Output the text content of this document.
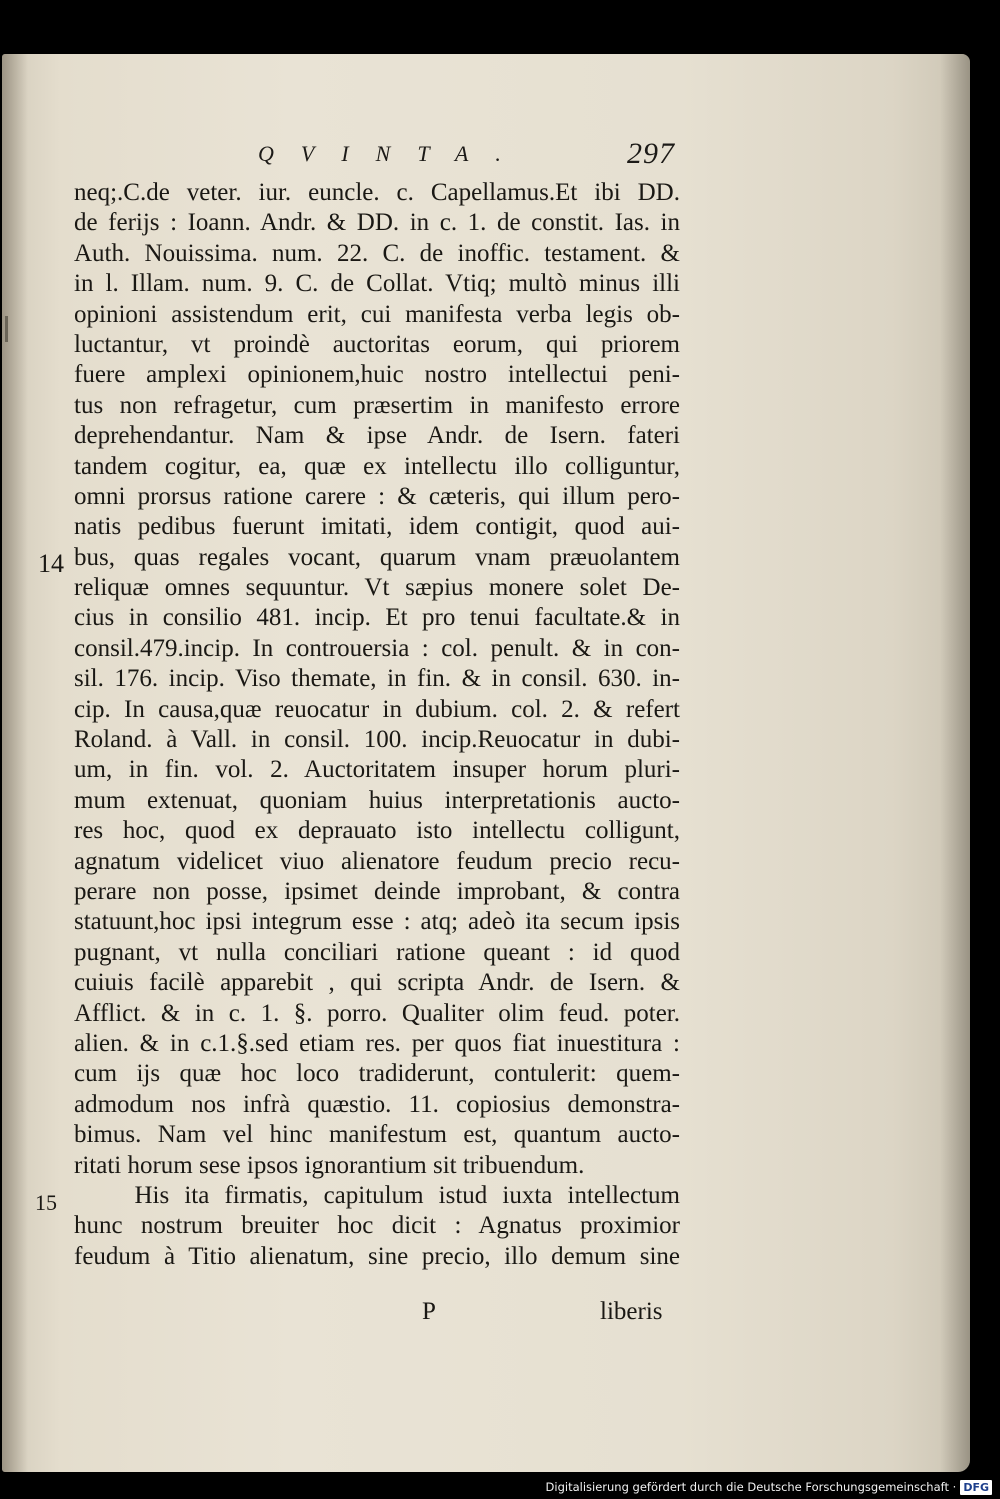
QVINTA.	297
neq;.C.de veter. iur. euncle. c. Capellamus.Et ibi DD.
de ferijs : Ioann. Andr. & DD. in c. 1. de constit. Ias. in
Auth. Nouissima. num. 22. C. de inoffic. testament. &
in l. Illam. num. 9. C. de Collat. Vtiq; multò minus illi
opinioni assistendum erit, cui manifesta verba legis ob-
luctantur, vt proindè auctoritas eorum, qui priorem
fuere amplexi opinionem,huic nostro intellectui peni-
tus non refragetur, cum præsertim in manifesto errore
deprehendantur. Nam & ipse Andr. de Isern. fateri
tandem cogitur, ea, quæ ex intellectu illo colliguntur,
omni prorsus ratione carere : & cæteris, qui illum pero-
natis pedibus fuerunt imitati, idem contigit, quod aui-
bus, quas regales vocant, quarum vnam præuolantem
reliquæ omnes sequuntur. Vt sæpius monere solet De-
cius in consilio 481. incip. Et pro tenui facultate.& in
consil.479.incip. In controuersia : col. penult. & in con-
sil. 176. incip. Viso themate, in fin. & in consil. 630. in-
cip. In causa,quæ reuocatur in dubium. col. 2. & refert
Roland. à Vall. in consil. 100. incip.Reuocatur in dubi-
um, in fin. vol. 2. Auctoritatem insuper horum pluri-
mum extenuat, quoniam huius interpretationis aucto-
res hoc, quod ex deprauato isto intellectu colligunt,
agnatum videlicet viuo alienatore feudum precio recu-
perare non posse, ipsimet deinde improbant, & contra
statuunt,hoc ipsi integrum esse : atq; adeò ita secum ipsis
pugnant, vt nulla conciliari ratione queant : id quod
cuiuis facilè apparebit , qui scripta Andr. de Isern. &
Afflict. & in c. 1. §. porro. Qualiter olim feud. poter.
alien. & in c.1.§.sed etiam res. per quos fiat inuestitura :
cum ijs quæ hoc loco tradiderunt, contulerit: quem-
admodum nos infrà quæstio. 11. copiosius demonstra-
bimus. Nam vel hinc manifestum est, quantum aucto-
ritati horum sese ipsos ignorantium sit tribuendum.
His ita firmatis, capitulum istud iuxta intellectum
hunc nostrum breuiter hoc dicit : Agnatus proximior
feudum à Titio alienatum, sine precio, illo demum sine
14
15
P	liberis
Digitalisierung gefördert durch die Deutsche Forschungsgemeinschaft · DFG
